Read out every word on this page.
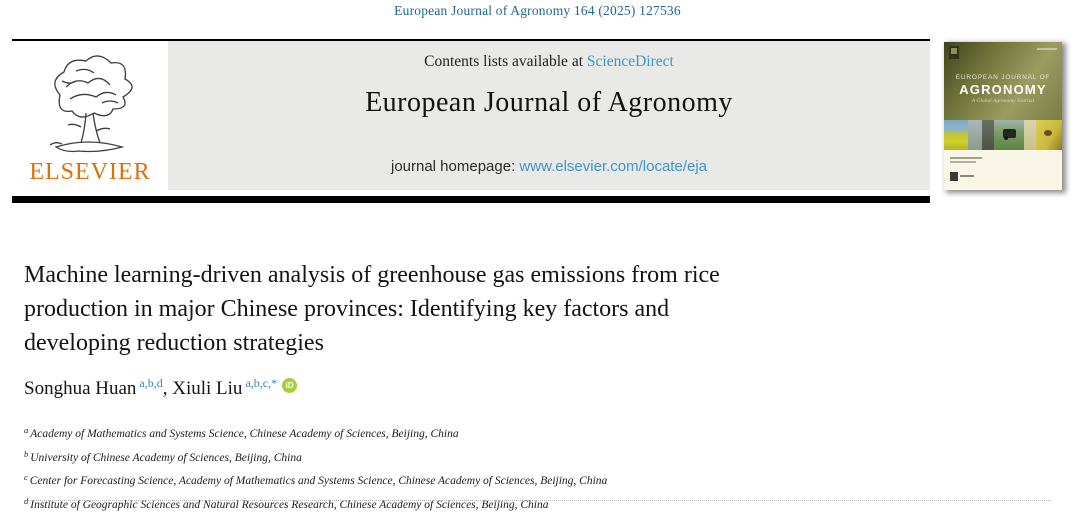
European Journal of Agronomy 164 (2025) 127536
ELSEVIER
Contents lists available at ScienceDirect
European Journal of Agronomy
journal homepage: www.elsevier.com/locate/eja
EUROPEAN JOURNAL OF
AGRONOMY
A Global Agronomy Journal
Machine learning-driven analysis of greenhouse gas emissions from rice
production in major Chinese provinces: Identifying key factors and
developing reduction strategies
Songhua Huan $^{a,b,d}$, Xiuli Liu $^{a,b,c,*}$ iD
$^a$ Academy of Mathematics and Systems Science, Chinese Academy of Sciences, Beijing, China
$^b$ University of Chinese Academy of Sciences, Beijing, China
$^c$ Center for Forecasting Science, Academy of Mathematics and Systems Science, Chinese Academy of Sciences, Beijing, China
$^d$ Institute of Geographic Sciences and Natural Resources Research, Chinese Academy of Sciences, Beijing, China
